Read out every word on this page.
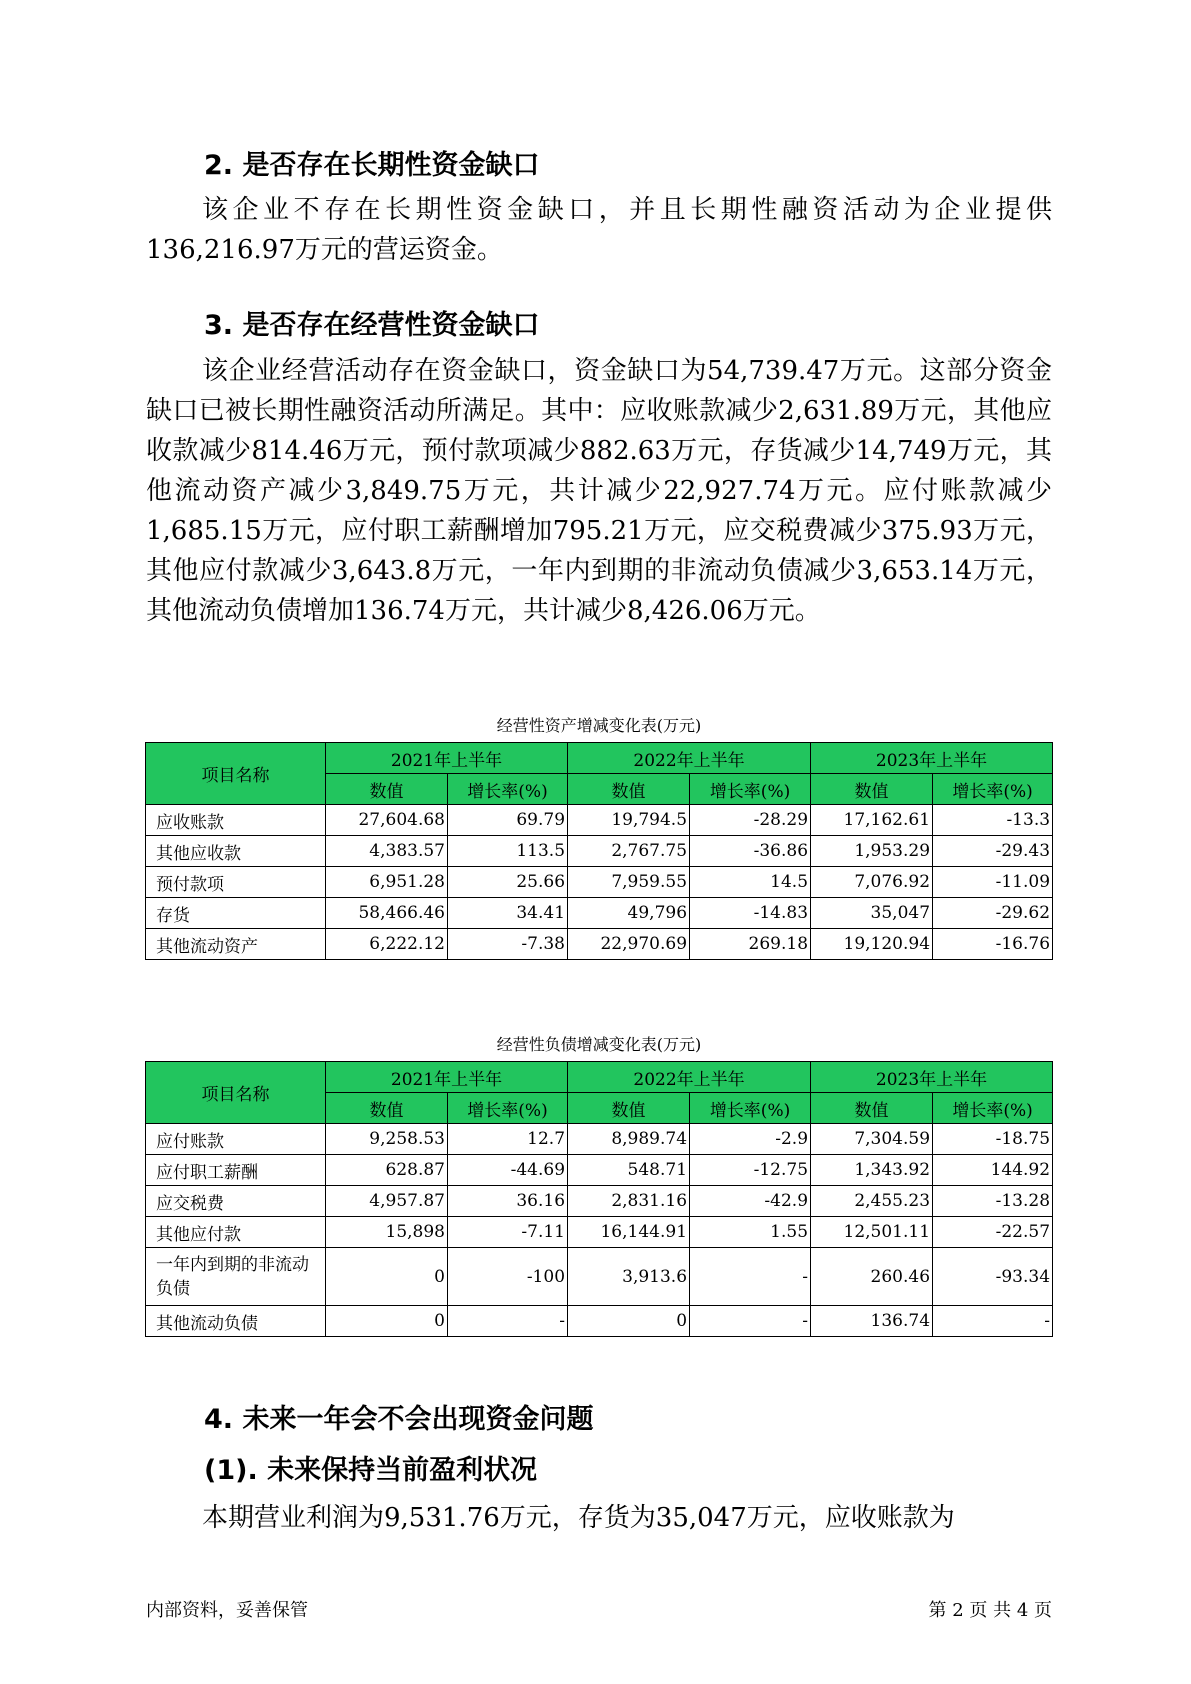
2. 是否存在长期性资金缺口

该企业不存在长期性资金缺口，并且长期性融资活动为企业提供136,216.97万元的营运资金。

3. 是否存在经营性资金缺口

该企业经营活动存在资金缺口，资金缺口为54,739.47万元。这部分资金缺口已被长期性融资活动所满足。其中：应收账款减少2,631.89万元，其他应收款减少814.46万元，预付款项减少882.63万元，存货减少14,749万元，其他流动资产减少3,849.75万元，共计减少22,927.74万元。应付账款减少1,685.15万元，应付职工薪酬增加795.21万元，应交税费减少375.93万元，其他应付款减少3,643.8万元，一年内到期的非流动负债减少3,653.14万元，其他流动负债增加136.74万元，共计减少8,426.06万元。

经营性资产增减变化表(万元)
项目名称	2021年上半年		2022年上半年		2023年上半年	
	数值	增长率(%)	数值	增长率(%)	数值	增长率(%)
应收账款	27,604.68	69.79	19,794.5	-28.29	17,162.61	-13.3
其他应收款	4,383.57	113.5	2,767.75	-36.86	1,953.29	-29.43
预付款项	6,951.28	25.66	7,959.55	14.5	7,076.92	-11.09
存货	58,466.46	34.41	49,796	-14.83	35,047	-29.62
其他流动资产	6,222.12	-7.38	22,970.69	269.18	19,120.94	-16.76
经营性负债增减变化表(万元)
项目名称	2021年上半年		2022年上半年		2023年上半年	
	数值	增长率(%)	数值	增长率(%)	数值	增长率(%)
应付账款	9,258.53	12.7	8,989.74	-2.9	7,304.59	-18.75
应付职工薪酬	628.87	-44.69	548.71	-12.75	1,343.92	144.92
应交税费	4,957.87	36.16	2,831.16	-42.9	2,455.23	-13.28
其他应付款	15,898	-7.11	16,144.91	1.55	12,501.11	-22.57
一年内到期的非流动负债	0	-100	3,913.6	-	260.46	-93.34
其他流动负债	0	-	0	-	136.74	-
4. 未来一年会不会出现资金问题
(1). 未来保持当前盈利状况

本期营业利润为9,531.76万元，存货为35,047万元，应收账款为

内部资料，妥善保管	第 2 页 共 4 页
